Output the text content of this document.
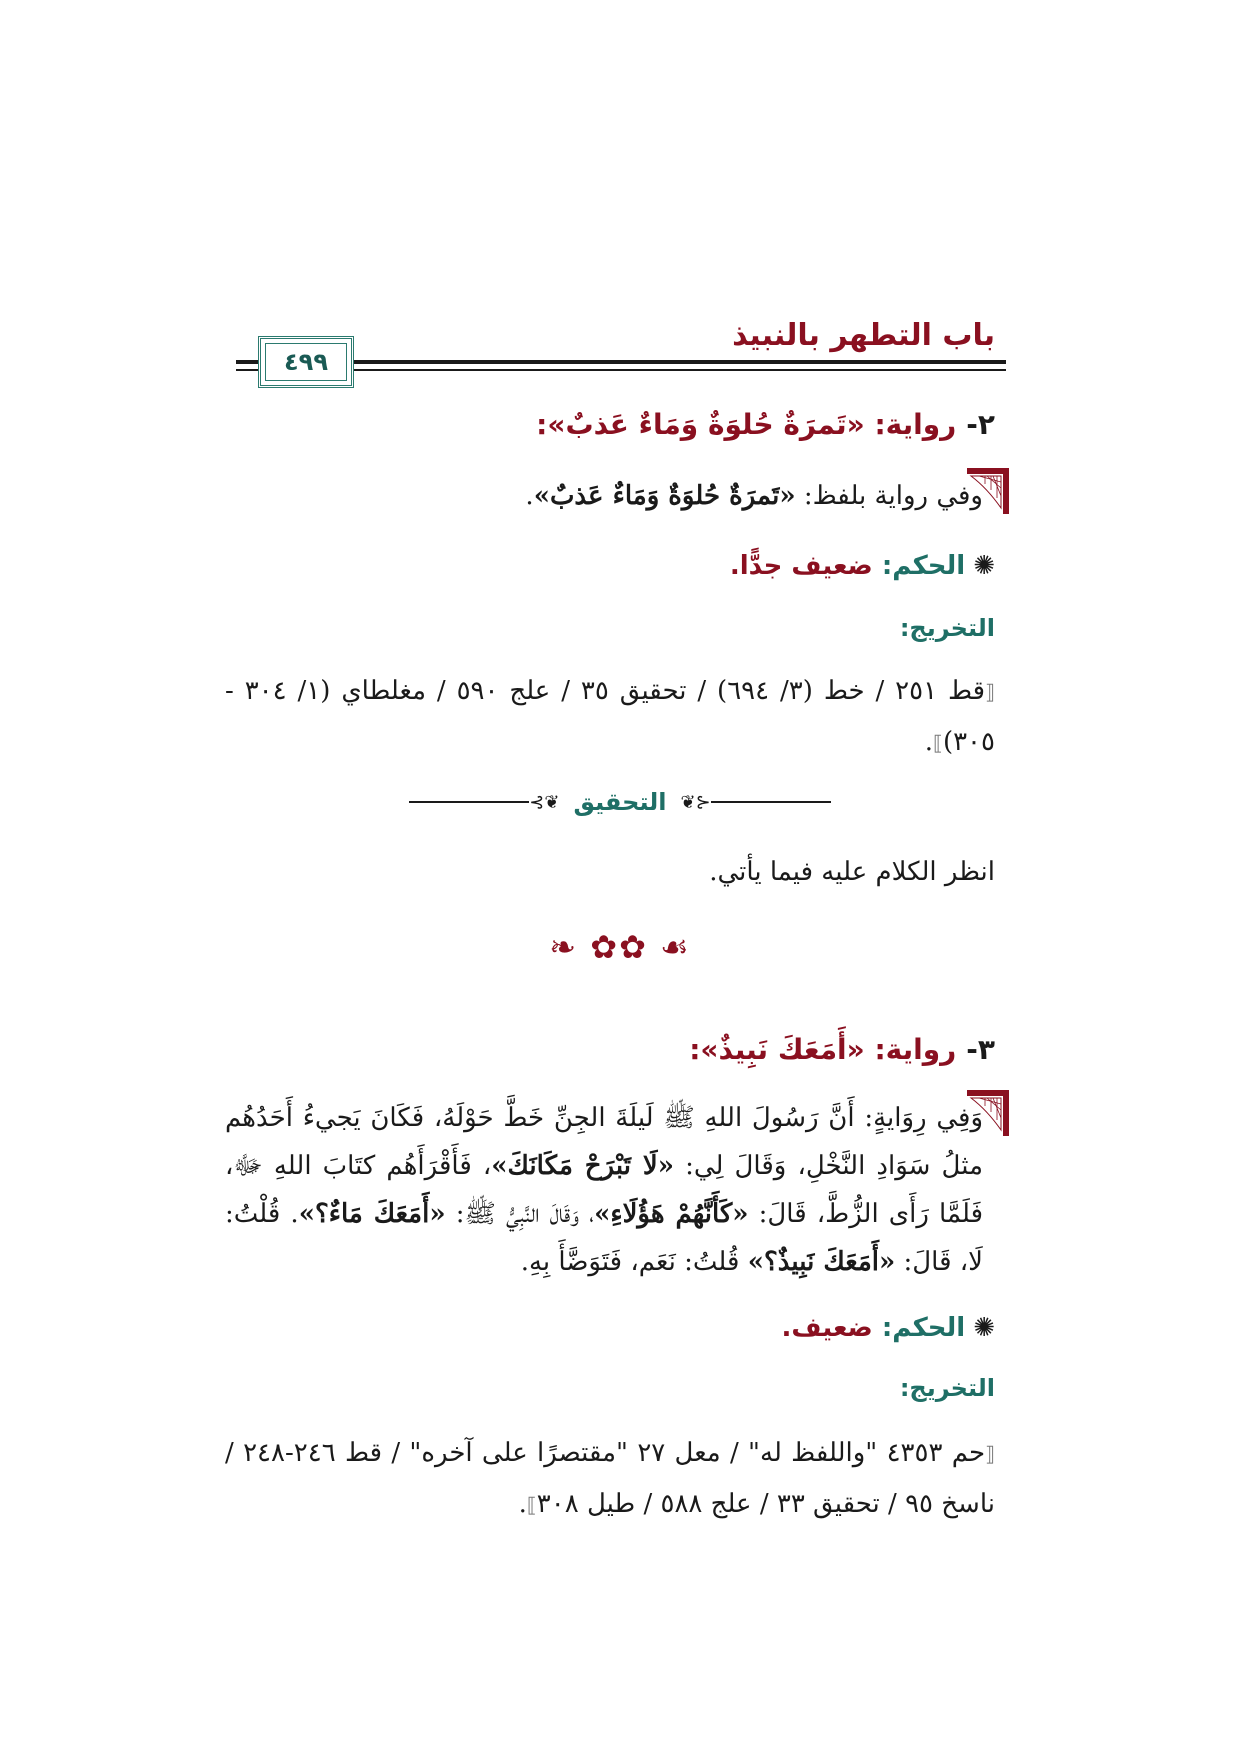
باب التطهر بالنبيذ
٤٩٩
٢-رواية: «تَمرَةٌ حُلوَةٌ وَمَاءٌ عَذبٌ»:
وفي رواية بلفظ: «تَمرَةٌ حُلوَةٌ وَمَاءٌ عَذبٌ».
✺الحكم: ضعيف جدًّا.
التخريج:
⟦قط ٢٥١ / خط (٣/ ٦٩٤) / تحقيق ٣٥ / علج ٥٩٠ / مغلطاي (١/ ٣٠٤ - ٣٠٥)⟧.
⊰❦ التحقيق ❦⊱
انظر الكلام عليه فيما يأتي.
❧ ✿✿ ☙
٣-رواية: «أَمَعَكَ نَبِيذٌ»:
وَفِي رِوَايةٍ: أَنَّ رَسُولَ اللهِ ﷺ لَيلَةَ الجِنِّ خَطَّ حَوْلَهُ، فَكَانَ يَجيءُ أَحَدُهُم مثلُ سَوَادِ النَّخْلِ، وَقَالَ لِي: «لَا تَبْرَحْ مَكَانَكَ»، فَأَقْرَأَهُم كتَابَ اللهِ ﷻ، فَلَمَّا رَأَى الزُّطَّ، قَالَ: «كَأَنَّهُمْ هَؤُلَاءِ»، وَقَالَ النَّبِيُّ ﷺ: «أَمَعَكَ مَاءٌ؟». قُلْتُ: لَا، قَالَ: «أَمَعَكَ نَبِيذٌ؟» قُلتُ: نَعَم، فَتَوَضَّأَ بِهِ.
✺الحكم: ضعيف.
التخريج:
⟦حم ٤٣٥٣ "واللفظ له" / معل ٢٧ "مقتصرًا على آخره" / قط ٢٤٦-٢٤٨ / ناسخ ٩٥ / تحقيق ٣٣ / علج ٥٨٨ / طيل ٣٠٨⟧.
